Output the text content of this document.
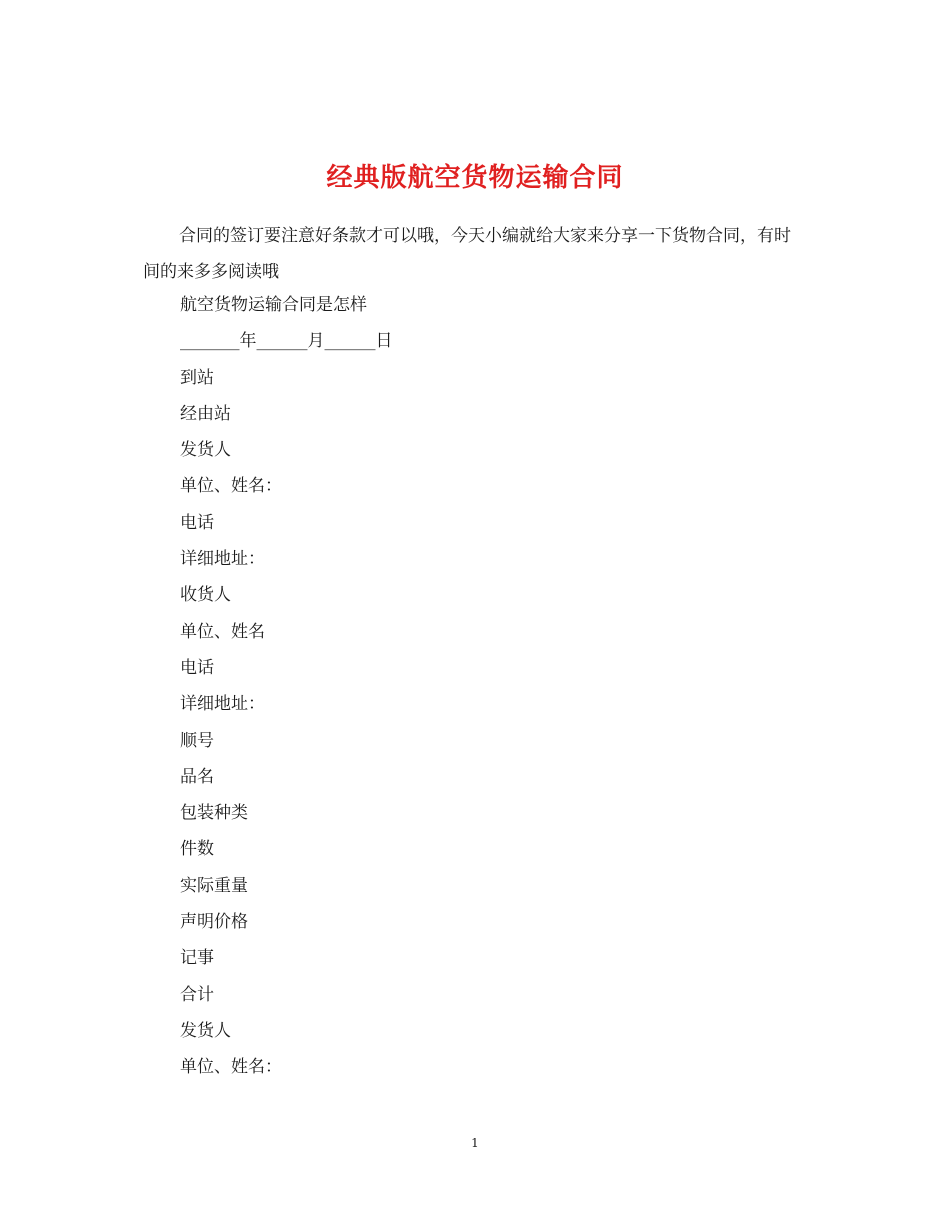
经典版航空货物运输合同

合同的签订要注意好条款才可以哦，今天小编就给大家来分享一下货物合同，有时间的来多多阅读哦

航空货物运输合同是怎样
_______年______月______日
到站
经由站
发货人
单位、姓名：
电话
详细地址：
收货人
单位、姓名
电话
详细地址：
顺号
品名
包装种类
件数
实际重量
声明价格
记事
合计
发货人
单位、姓名：
1
